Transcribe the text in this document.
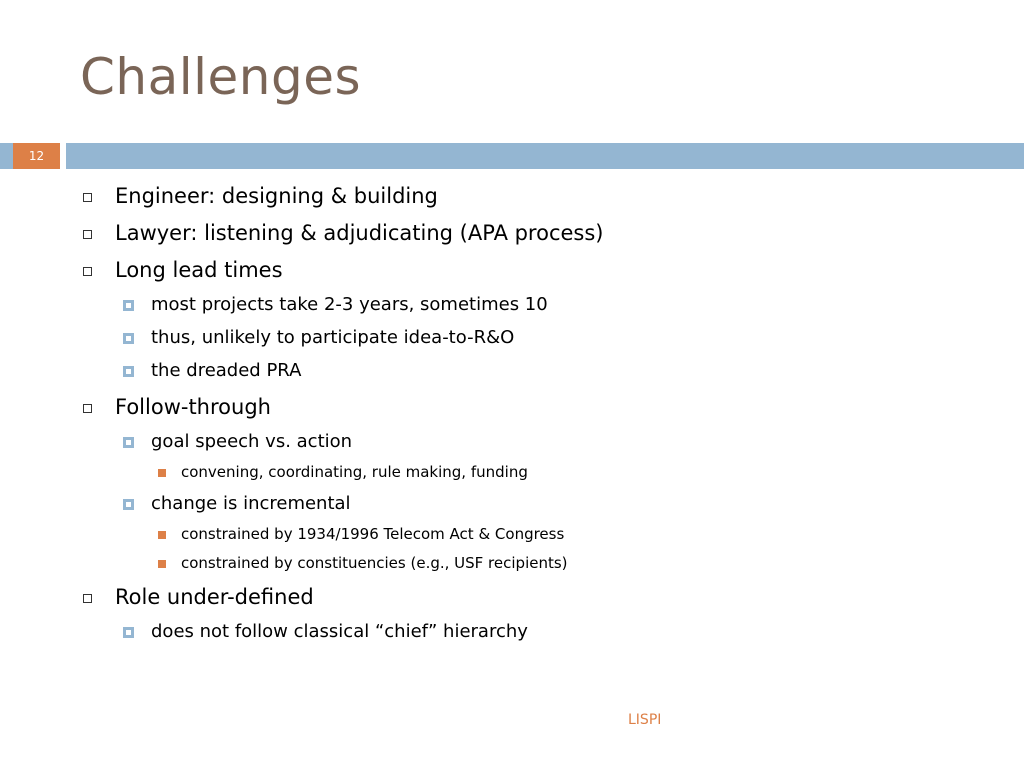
Challenges
12
Engineer: designing & building
Lawyer: listening & adjudicating (APA process)
Long lead times
most projects take 2-3 years, sometimes 10
thus, unlikely to participate idea-to-R&O
the dreaded PRA
Follow-through
goal speech vs. action
convening, coordinating, rule making, funding
change is incremental
constrained by 1934/1996 Telecom Act & Congress
constrained by constituencies (e.g., USF recipients)
Role under-defined
does not follow classical “chief” hierarchy
LISPI
